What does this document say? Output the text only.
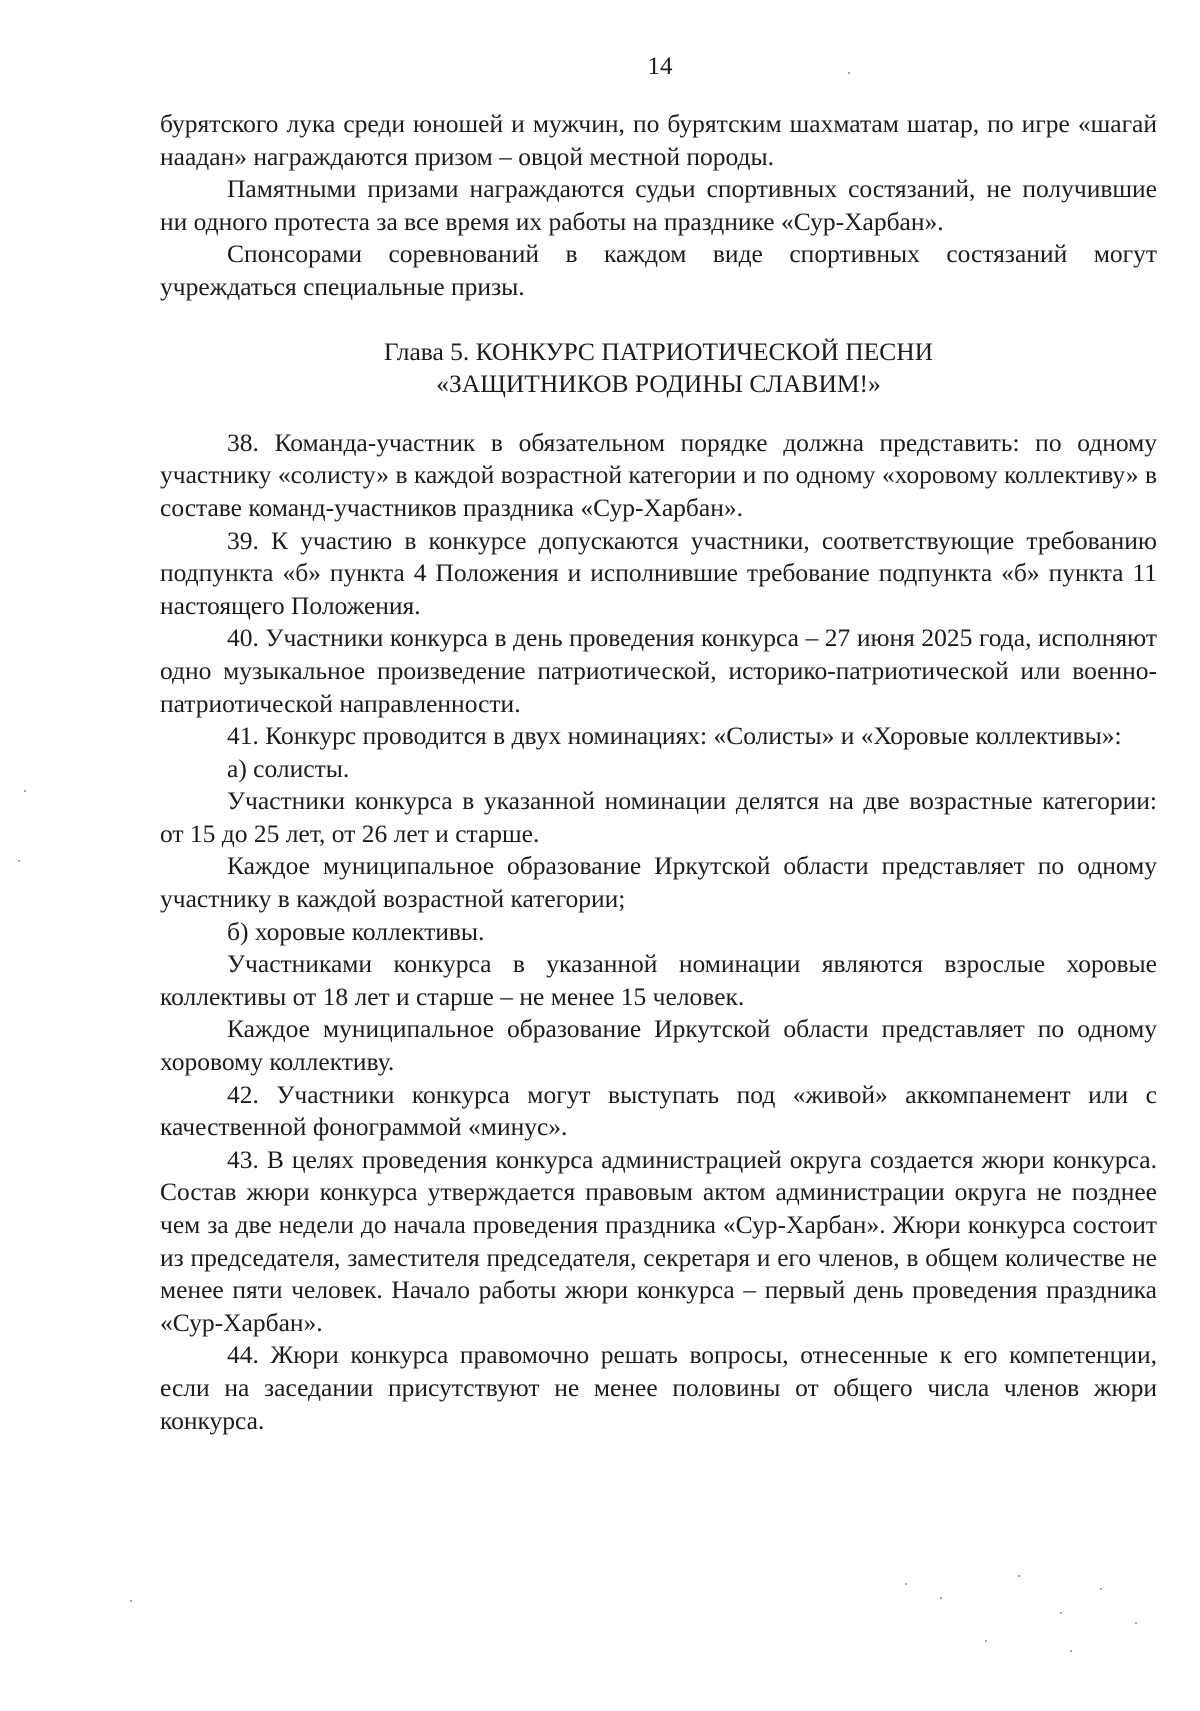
14

бурятского лука среди юношей и мужчин, по бурятским шахматам шатар, по игре «шагай наадан» награждаются призом – овцой местной породы.

Памятными призами награждаются судьи спортивных состязаний, не получившие ни одного протеста за все время их работы на празднике «Сур-Харбан».

Спонсорами соревнований в каждом виде спортивных состязаний могут учреждаться специальные призы.

Глава 5. КОНКУРС ПАТРИОТИЧЕСКОЙ ПЕСНИ
«ЗАЩИТНИКОВ РОДИНЫ СЛАВИМ!»

38. Команда-участник в обязательном порядке должна представить: по одному участнику «солисту» в каждой возрастной категории и по одному «хоровому коллективу» в составе команд-участников праздника «Сур-Харбан».

39. К участию в конкурсе допускаются участники, соответствующие требованию подпункта «б» пункта 4 Положения и исполнившие требование подпункта «б» пункта 11 настоящего Положения.

40. Участники конкурса в день проведения конкурса – 27 июня 2025 года, исполняют одно музыкальное произведение патриотической, историко-патриотической или военно-патриотической направленности.

41. Конкурс проводится в двух номинациях: «Солисты» и «Хоровые коллективы»:

а) солисты.

Участники конкурса в указанной номинации делятся на две возрастные категории: от 15 до 25 лет, от 26 лет и старше.

Каждое муниципальное образование Иркутской области представляет по одному участнику в каждой возрастной категории;

б) хоровые коллективы.

Участниками конкурса в указанной номинации являются взрослые хоровые коллективы от 18 лет и старше – не менее 15 человек.

Каждое муниципальное образование Иркутской области представляет по одному хоровому коллективу.

42. Участники конкурса могут выступать под «живой» аккомпанемент или с качественной фонограммой «минус».

43. В целях проведения конкурса администрацией округа создается жюри конкурса. Состав жюри конкурса утверждается правовым актом администрации округа не позднее чем за две недели до начала проведения праздника «Сур-Харбан». Жюри конкурса состоит из председателя, заместителя председателя, секретаря и его членов, в общем количестве не менее пяти человек. Начало работы жюри конкурса – первый день проведения праздника «Сур-Харбан».

44. Жюри конкурса правомочно решать вопросы, отнесенные к его компетенции, если на заседании присутствуют не менее половины от общего числа членов жюри конкурса.
